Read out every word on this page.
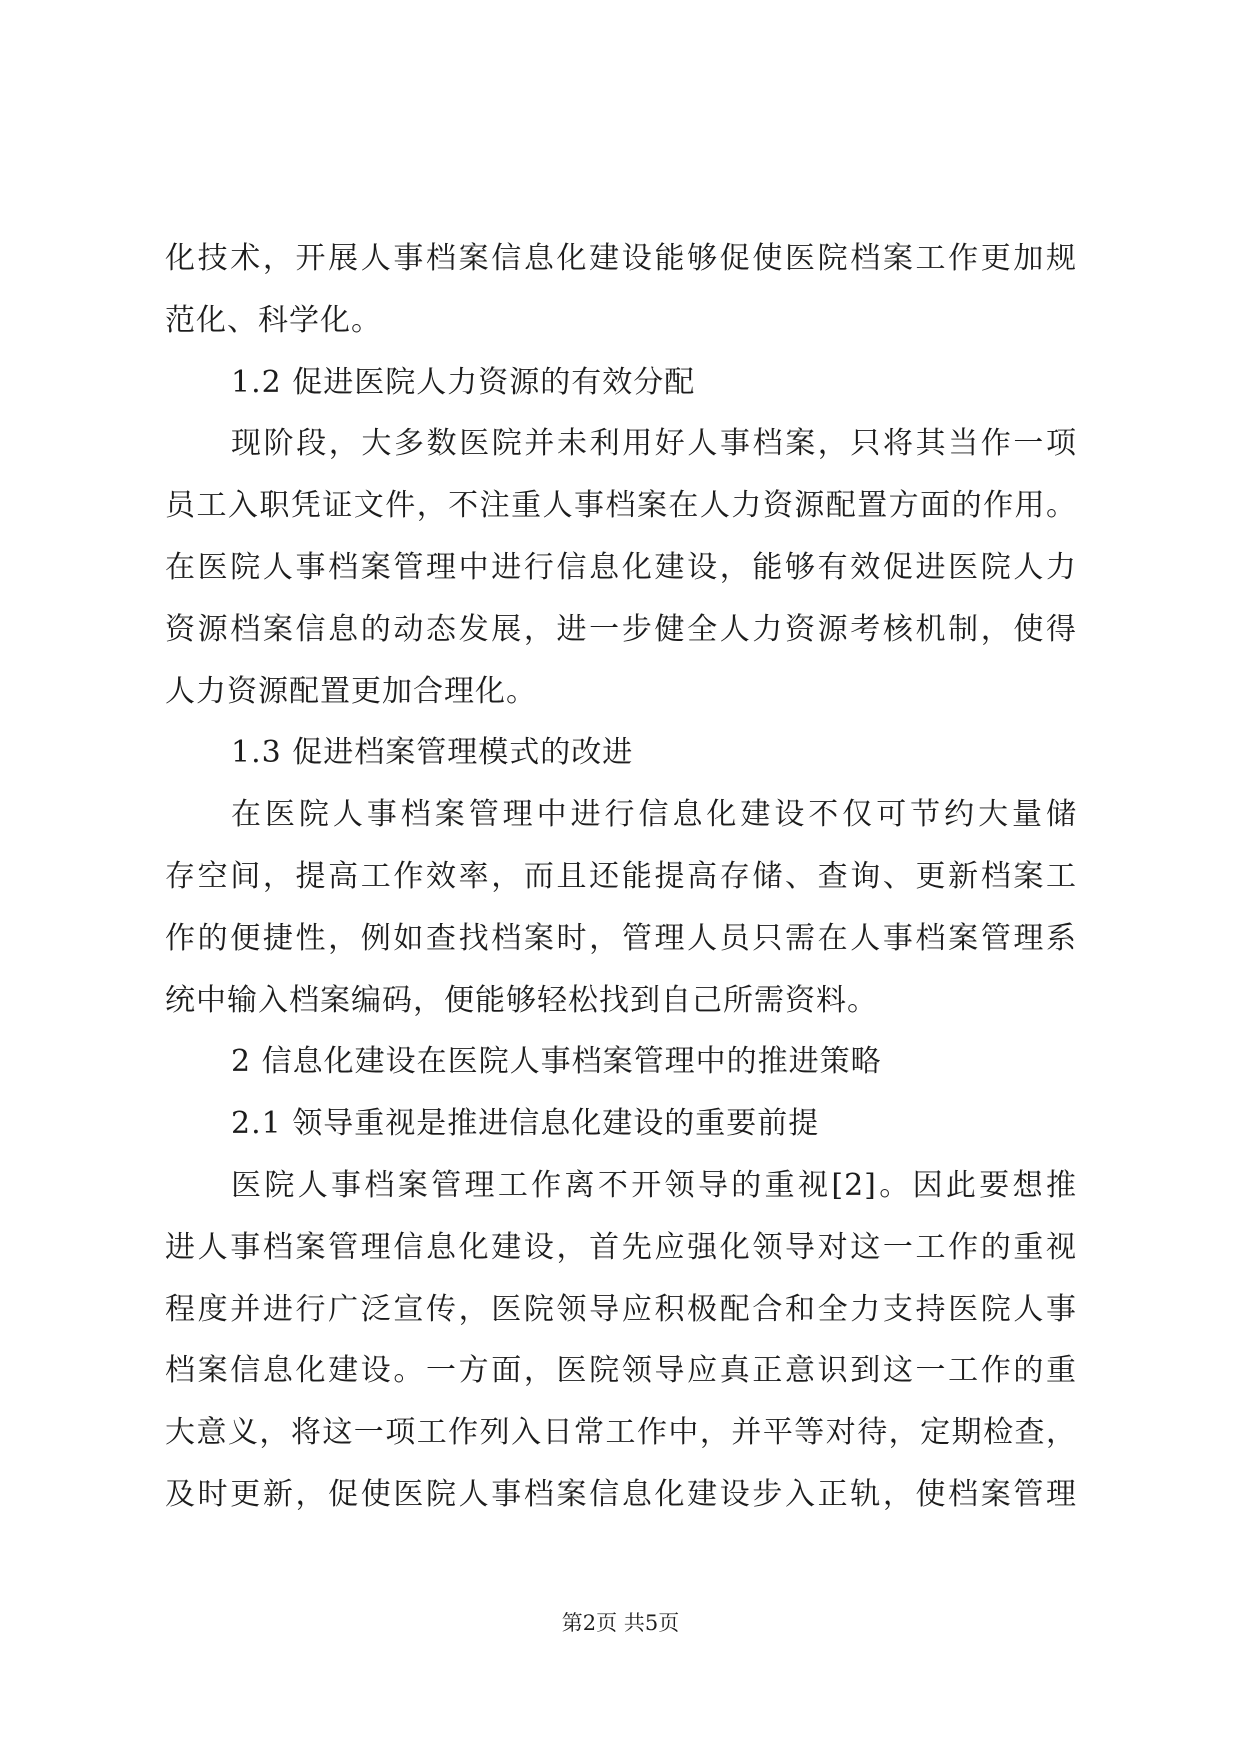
化技术，开展人事档案信息化建设能够促使医院档案工作更加规
范化、科学化。
1.2 促进医院人力资源的有效分配
现阶段，大多数医院并未利用好人事档案，只将其当作一项
员工入职凭证文件，不注重人事档案在人力资源配置方面的作用。
在医院人事档案管理中进行信息化建设，能够有效促进医院人力
资源档案信息的动态发展，进一步健全人力资源考核机制，使得
人力资源配置更加合理化。
1.3 促进档案管理模式的改进
在医院人事档案管理中进行信息化建设不仅可节约大量储
存空间，提高工作效率，而且还能提高存储、查询、更新档案工
作的便捷性，例如查找档案时，管理人员只需在人事档案管理系
统中输入档案编码，便能够轻松找到自己所需资料。
2 信息化建设在医院人事档案管理中的推进策略
2.1 领导重视是推进信息化建设的重要前提
医院人事档案管理工作离不开领导的重视[2]。因此要想推
进人事档案管理信息化建设，首先应强化领导对这一工作的重视
程度并进行广泛宣传，医院领导应积极配合和全力支持医院人事
档案信息化建设。一方面，医院领导应真正意识到这一工作的重
大意义，将这一项工作列入日常工作中，并平等对待，定期检查，
及时更新，促使医院人事档案信息化建设步入正轨，使档案管理
第2页 共5页
